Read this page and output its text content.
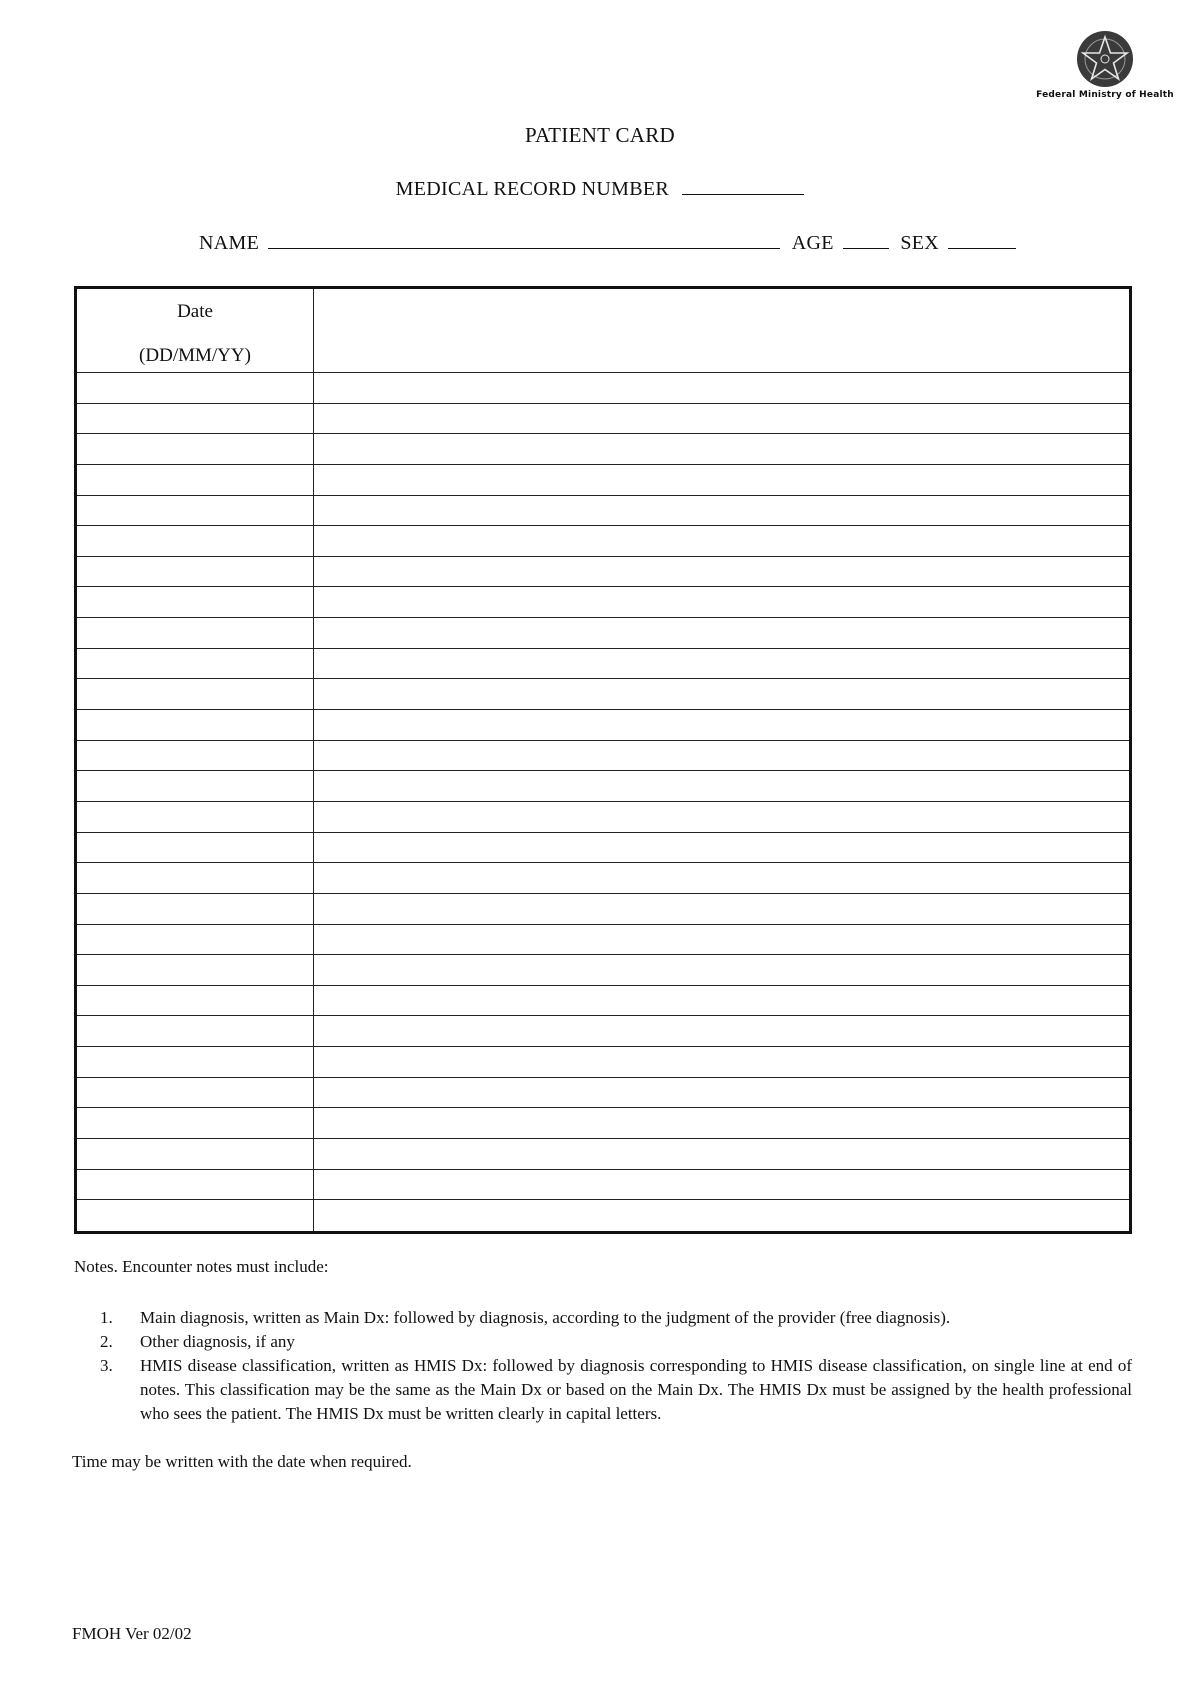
Federal Ministry of Health
PATIENT CARD
MEDICAL RECORD NUMBER
NAME	AGE	SEX
Date
(DD/MM/YY)
Notes. Encounter notes must include:
1. Main diagnosis, written as Main Dx: followed by diagnosis, according to the judgment of the provider (free diagnosis).
2. Other diagnosis, if any
3. HMIS disease classification, written as HMIS Dx: followed by diagnosis corresponding to HMIS disease classification, on single line at end of notes. This classification may be the same as the Main Dx or based on the Main Dx. The HMIS Dx must be assigned by the health professional who sees the patient. The HMIS Dx must be written clearly in capital letters.
Time may be written with the date when required.
FMOH Ver 02/02
